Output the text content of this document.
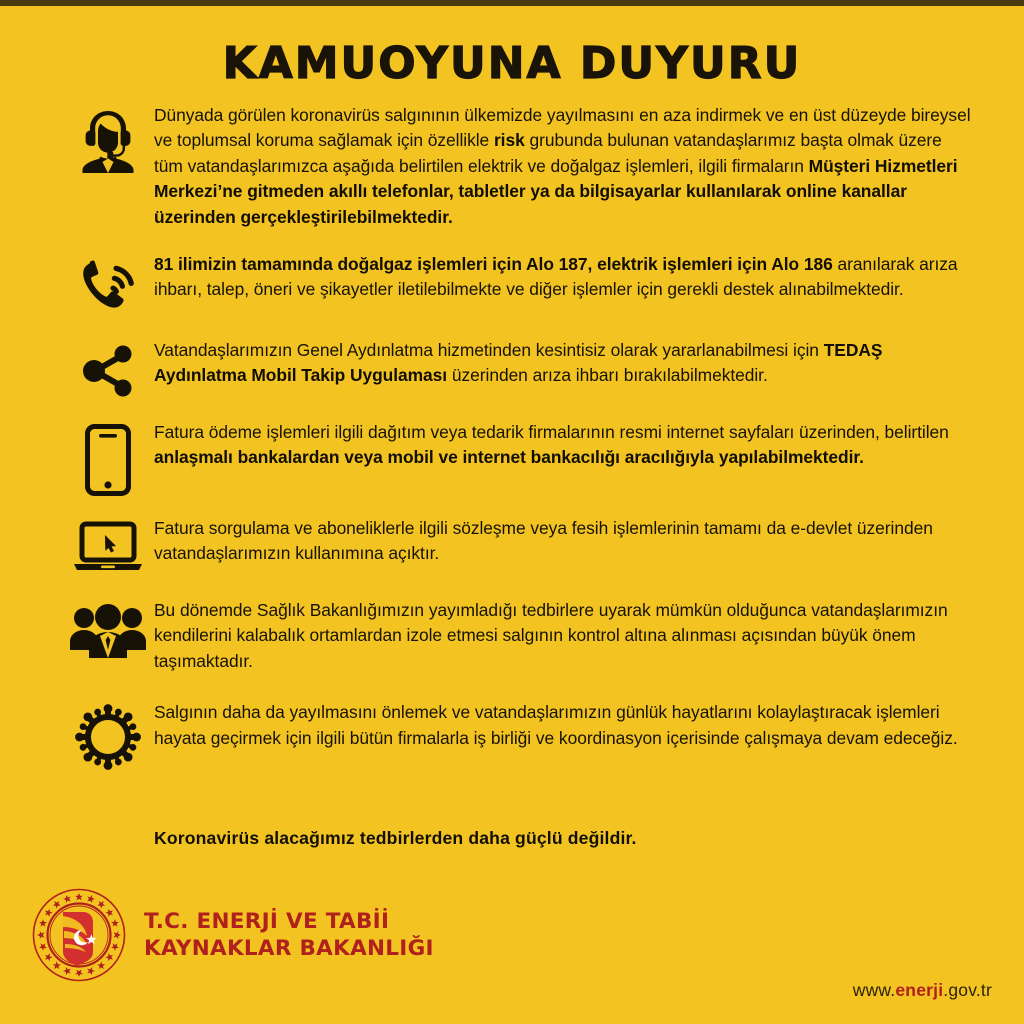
KAMUOYUNA DUYURU
Dünyada görülen koronavirüs salgınının ülkemizde yayılmasını en aza indirmek ve en üst düzeyde bireysel ve toplumsal koruma sağlamak için özellikle risk grubunda bulunan vatandaşlarımız başta olmak üzere tüm vatandaşlarımızca aşağıda belirtilen elektrik ve doğalgaz işlemleri, ilgili firmaların Müşteri Hizmetleri Merkezi’ne gitmeden akıllı telefonlar, tabletler ya da bilgisayarlar kullanılarak online kanallar üzerinden gerçekleştirilebilmektedir.
81 ilimizin tamamında doğalgaz işlemleri için Alo 187, elektrik işlemleri için Alo 186 aranılarak arıza ihbarı, talep, öneri ve şikayetler iletilebilmekte ve diğer işlemler için gerekli destek alınabilmektedir.
Vatandaşlarımızın Genel Aydınlatma hizmetinden kesintisiz olarak yararlanabilmesi için TEDAŞ Aydınlatma Mobil Takip Uygulaması üzerinden arıza ihbarı bırakılabilmektedir.
Fatura ödeme işlemleri ilgili dağıtım veya tedarik firmalarının resmi internet sayfaları üzerinden, belirtilen anlaşmalı bankalardan veya mobil ve internet bankacılığı aracılığıyla yapılabilmektedir.
Fatura sorgulama ve aboneliklerle ilgili sözleşme veya fesih işlemlerinin tamamı da e-devlet üzerinden vatandaşlarımızın kullanımına açıktır.
Bu dönemde Sağlık Bakanlığımızın yayımladığı tedbirlere uyarak mümkün olduğunca vatandaşlarımızın kendilerini kalabalık ortamlardan izole etmesi salgının kontrol altına alınması açısından büyük önem taşımaktadır.
Salgının daha da yayılmasını önlemek ve vatandaşlarımızın günlük hayatlarını kolaylaştıracak işlemleri hayata geçirmek için ilgili bütün firmalarla iş birliği ve koordinasyon içerisinde çalışmaya devam edeceğiz.
Koronavirüs alacağımız tedbirlerden daha güçlü değildir.
T.C. ENERJİ VE TABİİ
KAYNAKLAR BAKANLIĞI
www.enerji.gov.tr
